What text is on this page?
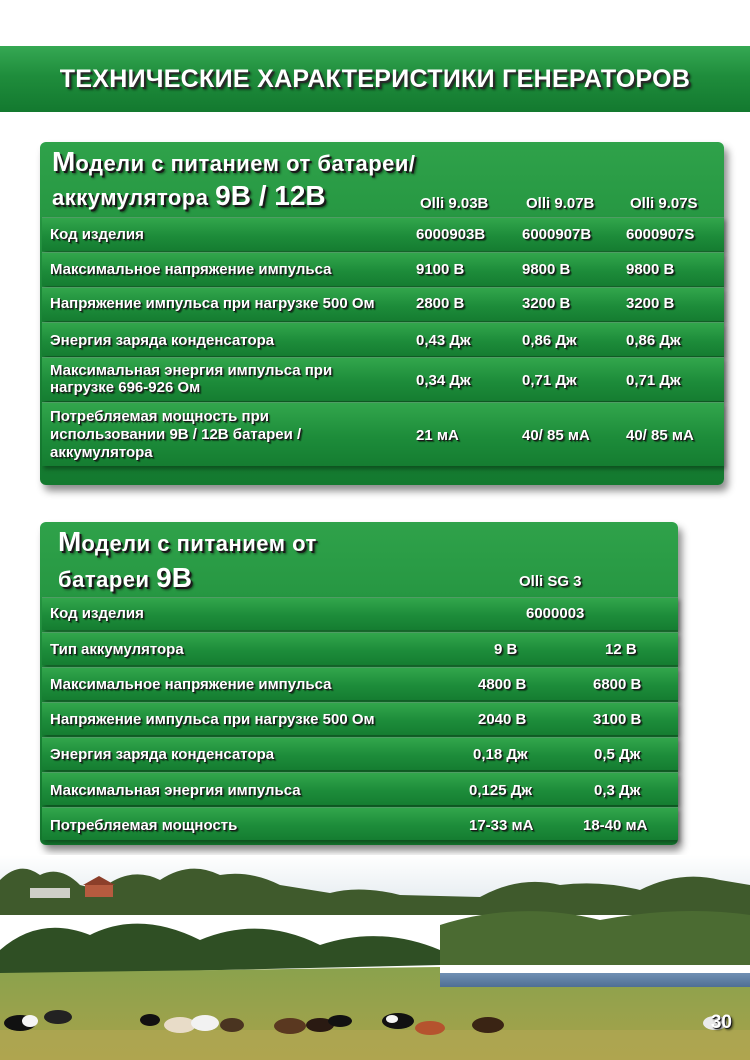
ТЕХНИЧЕСКИЕ ХАРАКТЕРИСТИКИ ГЕНЕРАТОРОВ
Модели с питанием от батареи/
аккумулятора 9В / 12В	Olli 9.03B	Olli 9.07B Olli 9.07S
Код изделия	6000903B 6000907B 6000907S
Максимальное напряжение импульса	9100 В	9800 В	9800 В
Напряжение импульса при нагрузке 500 Ом	2800 В	3200 В	3200 В
Энергия заряда конденсатора	0,43 Дж	0,86 Дж	0,86 Дж
Максимальная энергия импульса при
нагрузке 696-926 Ом	0,34 Дж	0,71 Дж	0,71 Дж
Потребляемая мощность при
использовании 9В / 12В батареи /
аккумулятора
21 мА	40/ 85 мА 40/ 85 мА
Модели с питанием от
батареи 9В	Olli SG 3
Код изделия	6000003
Тип аккумулятора	9 В	12 В
Максимальное напряжение импульса	4800 В	6800 В
Напряжение импульса при нагрузке 500 Ом	2040 В	3100 В
Энергия заряда конденсатора	0,18 Дж	0,5 Дж
Максимальная энергия импульса	0,125 Дж	0,3 Дж
Потребляемая мощность	17-33 мА	18-40 мА
30
